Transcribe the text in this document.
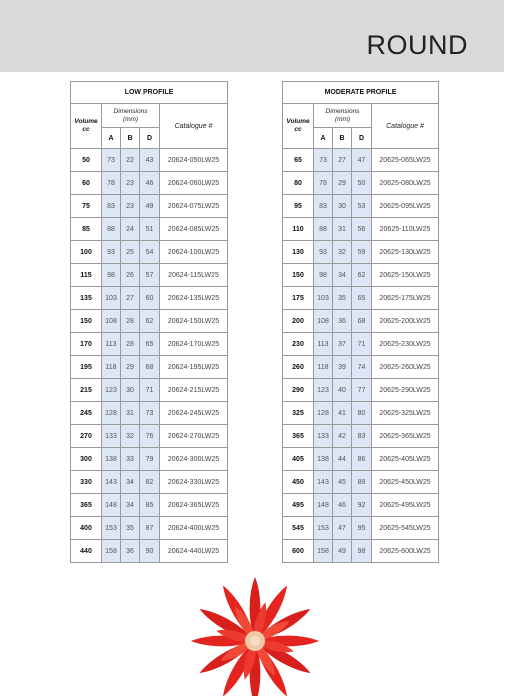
ROUND
LOW PROFILE				
Volume
cc	Dimensions
(mm)			Catalogue #
	A	B	D	
50	73	22	43	20624-050LW25
60	78	23	46	20624-060LW25
75	83	23	49	20624-075LW25
85	88	24	51	20624-085LW25
100	93	25	54	20624-100LW25
115	98	26	57	20624-115LW25
135	103	27	60	20624-135LW25
150	108	28	62	20624-150LW25
170	113	28	65	20624-170LW25
195	118	29	68	20624-195LW25
215	123	30	71	20624-215LW25
245	128	31	73	20624-245LW25
270	133	32	76	20624-270LW25
300	138	33	79	20624-300LW25
330	143	34	82	20624-330LW25
365	148	34	85	20624-365LW25
400	153	35	87	20624-400LW25
440	158	36	90	20624-440LW25
MODERATE PROFILE				
Volume
cc	Dimensions
(mm)			Catalogue #
	A	B	D	
65	73	27	47	20625-065LW25
80	78	29	50	20625-080LW25
95	83	30	53	20625-095LW25
110	88	31	56	20625-110LW25
130	93	32	59	20625-130LW25
150	98	34	62	20625-150LW25
175	103	35	65	20625-175LW25
200	108	36	68	20625-200LW25
230	113	37	71	20625-230LW25
260	118	39	74	20625-260LW25
290	123	40	77	20625-290LW25
325	128	41	80	20625-325LW25
365	133	42	83	20625-365LW25
405	138	44	86	20625-405LW25
450	143	45	89	20625-450LW25
495	148	46	92	20625-495LW25
545	153	47	95	20625-545LW25
600	158	49	98	20625-600LW25
